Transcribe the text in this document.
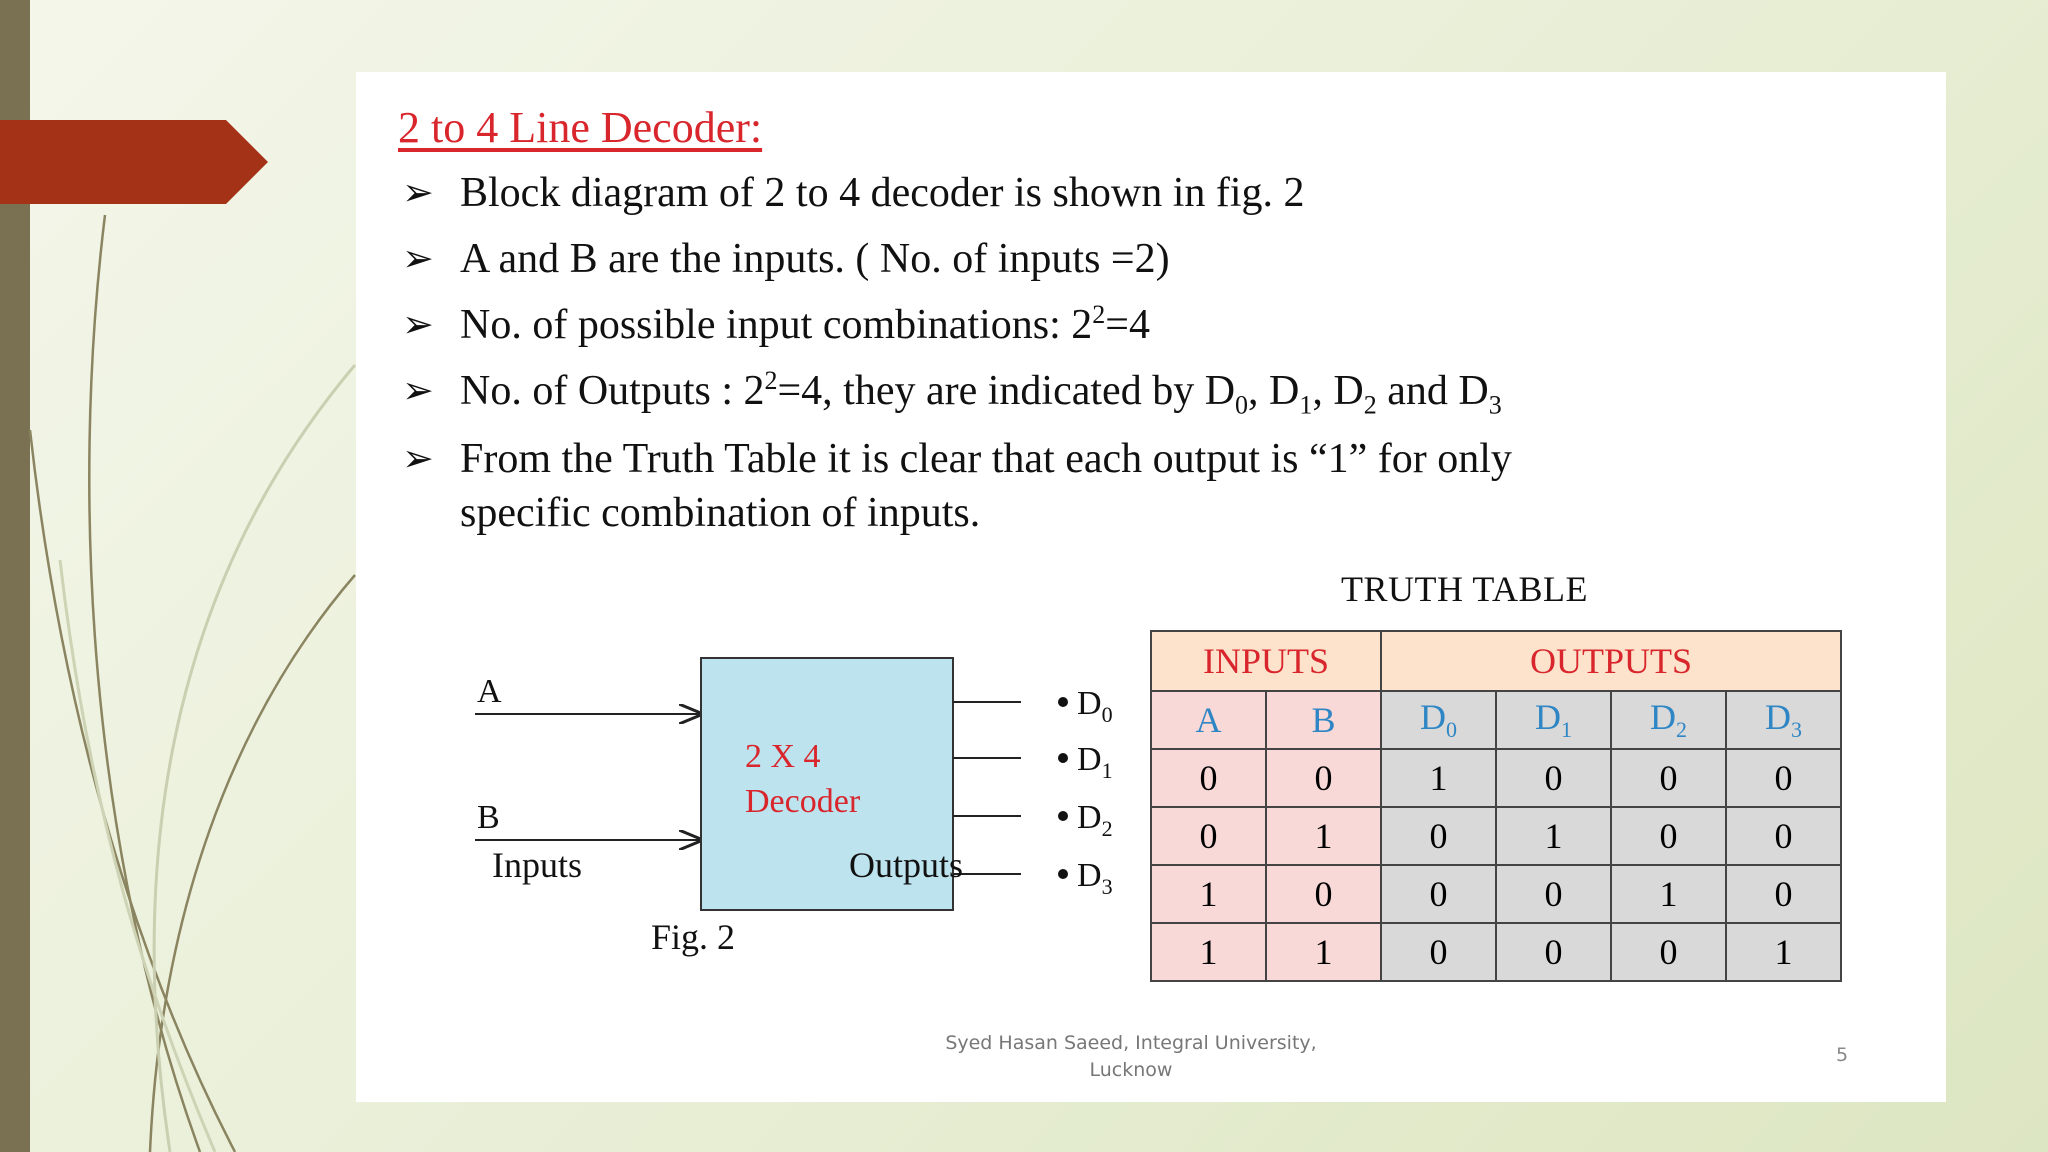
2 to 4 Line Decoder:
➢ Block diagram of 2 to 4 decoder is shown in fig. 2
➢ A and B are the inputs. ( No. of inputs =2)
➢ No. of possible input combinations: $2^2=4$
➢ No. of Outputs : $2^2=4$, they are indicated by $D_0$, $D_1$, $D_2$ and $D_3$
➢ From the Truth Table it is clear that each output is “1” for only
specific combination of inputs.
A
B
2 X 4
Decoder
$D_0$
$D_1$
$D_2$
$D_3$
Inputs	Outputs
Fig. 2
TRUTH TABLE
INPUTS		OUTPUTS			
A	B	$D_0$	$D_1$	$D_2$	$D_3$
0	0	1	0	0	0
0	1	0	1	0	0
1	0	0	0	1	0
1	1	0	0	0	1
Syed Hasan Saeed, Integral University,
Lucknow
5
